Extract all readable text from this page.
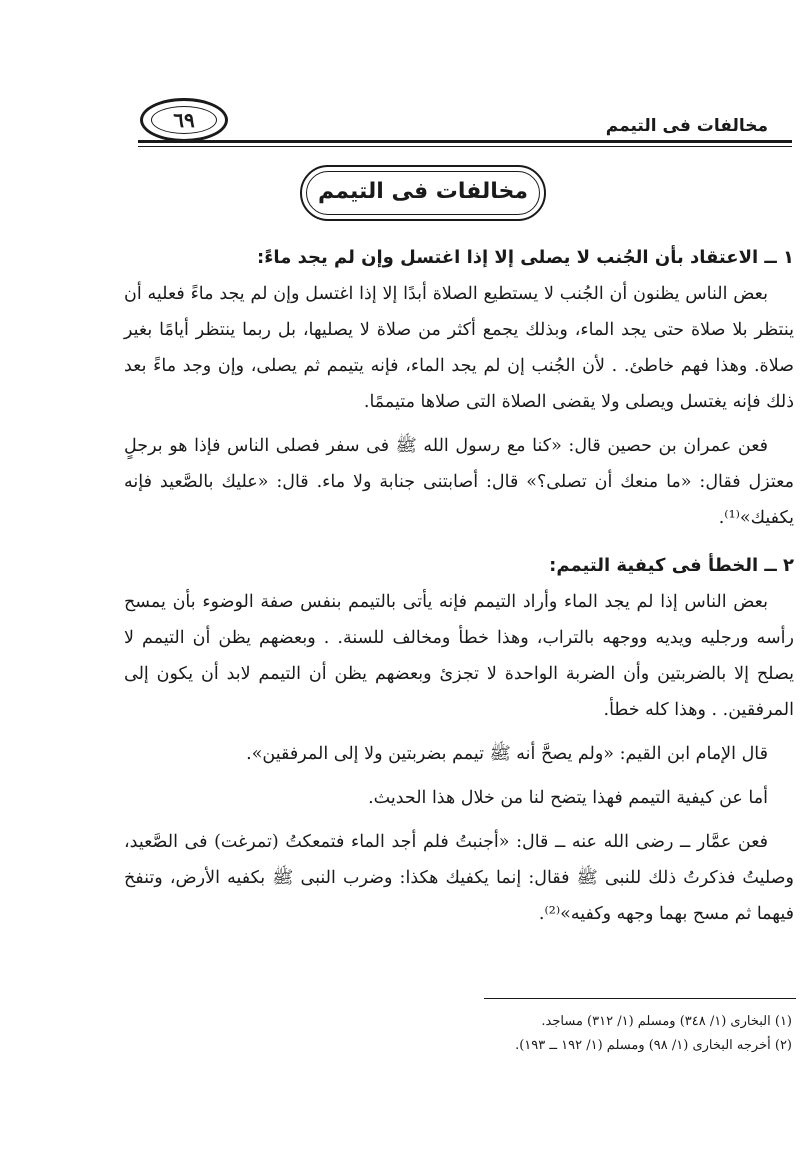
مخالفات فى التيمم
٦٩
مخالفات فى التيمم

١ ــ الاعتقاد بأن الجُنب لا يصلى إلا إذا اغتسل وإن لم يجد ماءً:

بعض الناس يظنون أن الجُنب لا يستطيع الصلاة أبدًا إلا إذا اغتسل وإن لم يجد ماءً فعليه أن ينتظر بلا صلاة حتى يجد الماء، وبذلك يجمع أكثر من صلاة لا يصليها، بل ربما ينتظر أيامًا بغير صلاة. وهذا فهم خاطئ. . لأن الجُنب إن لم يجد الماء، فإنه يتيمم ثم يصلى، وإن وجد ماءً بعد ذلك فإنه يغتسل ويصلى ولا يقضى الصلاة التى صلاها متيممًا.

فعن عمران بن حصين قال: «كنا مع رسول الله ﷺ فى سفر فصلى الناس فإذا هو برجلٍ معتزل فقال: «ما منعك أن تصلى؟» قال: أصابتنى جنابة ولا ماء. قال: «عليك بالصَّعيد فإنه يكفيك»⁽¹⁾.

٢ ــ الخطأ فى كيفية التيمم:

بعض الناس إذا لم يجد الماء وأراد التيمم فإنه يأتى بالتيمم بنفس صفة الوضوء بأن يمسح رأسه ورجليه ويديه ووجهه بالتراب، وهذا خطأ ومخالف للسنة. . وبعضهم يظن أن التيمم لا يصلح إلا بالضربتين وأن الضربة الواحدة لا تجزئ وبعضهم يظن أن التيمم لابد أن يكون إلى المرفقين. . وهذا كله خطأ.

قال الإمام ابن القيم: «ولم يصحَّ أنه ﷺ تيمم بضربتين ولا إلى المرفقين».

أما عن كيفية التيمم فهذا يتضح لنا من خلال هذا الحديث.

فعن عمَّار ــ رضى الله عنه ــ قال: «أجنبتُ فلم أجد الماء فتمعكتُ (تمرغت) فى الصَّعيد، وصليتُ فذكرتُ ذلك للنبى ﷺ فقال: إنما يكفيك هكذا: وضرب النبى ﷺ بكفيه الأرض، وتنفخ فيهما ثم مسح بهما وجهه وكفيه»⁽²⁾.

(١) البخارى (١/ ٣٤٨) ومسلم (١/ ٣١٢) مساجد.

(٢) أخرجه البخارى (١/ ٩٨) ومسلم (١/ ١٩٢ ــ ١٩٣).
